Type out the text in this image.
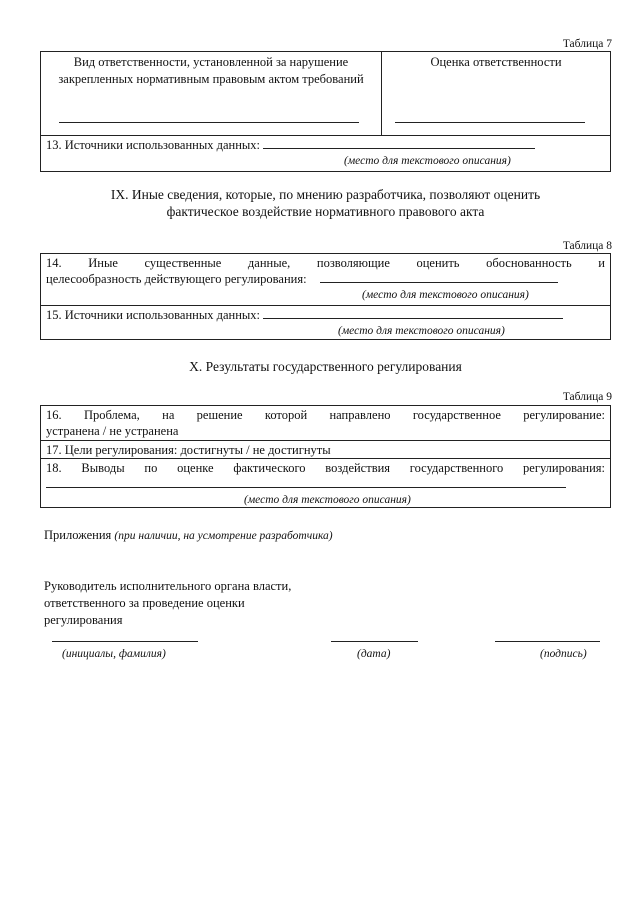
Таблица 7
Вид ответственности, установленной за нарушение закрепленных нормативным правовым актом требований
Оценка ответственности
13. Источники использованных данных:
(место для текстового описания)
IX. Иные сведения, которые, по мнению разработчика, позволяют оценить
фактическое воздействие нормативного правового акта
Таблица 8
14. Иные существенные данные, позволяющие оценить обоснованность и
целесообразность действующего регулирования:
(место для текстового описания)
15. Источники использованных данных:
(место для текстового описания)
X. Результаты государственного регулирования
Таблица 9
16. Проблема, на решение которой направлено государственное регулирование:
устранена / не устранена
17. Цели регулирования: достигнуты / не достигнуты
18. Выводы по оценке фактического воздействия государственного регулирования:
(место для текстового описания)
Приложения (при наличии, на усмотрение разработчика)
Руководитель исполнительного органа власти,
ответственного за проведение оценки
регулирования
(инициалы, фамилия)	(дата)	(подпись)
